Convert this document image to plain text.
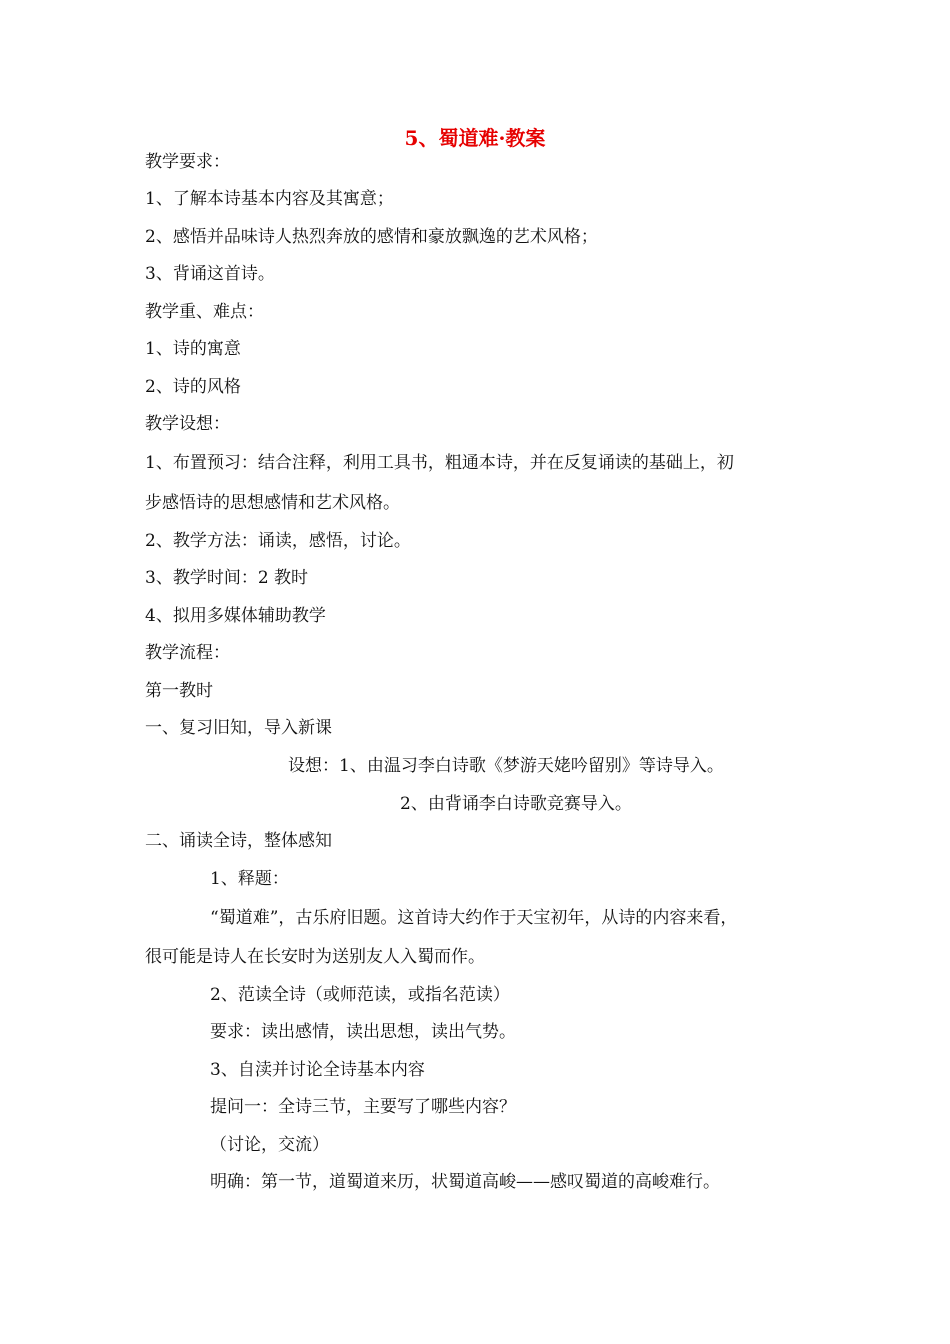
5、蜀道难·教案
教学要求：
1、了解本诗基本内容及其寓意；
2、感悟并品味诗人热烈奔放的感情和豪放飘逸的艺术风格；
3、背诵这首诗。
教学重、难点：
1、诗的寓意
2、诗的风格
教学设想：
1、布置预习：结合注释，利用工具书，粗通本诗，并在反复诵读的基础上，初
步感悟诗的思想感情和艺术风格。
2、教学方法：诵读，感悟，讨论。
3、教学时间：2 教时
4、拟用多媒体辅助教学
教学流程：
第一教时
一、复习旧知，导入新课
设想：1、由温习李白诗歌《梦游天姥吟留别》等诗导入。
2、由背诵李白诗歌竞赛导入。
二、诵读全诗，整体感知
1、释题：
“蜀道难”，古乐府旧题。这首诗大约作于天宝初年，从诗的内容来看，
很可能是诗人在长安时为送别友人入蜀而作。
2、范读全诗（或师范读，或指名范读）
要求：读出感情，读出思想，读出气势。
3、自渎并讨论全诗基本内容
提问一：全诗三节，主要写了哪些内容？
（讨论，交流）
明确：第一节，道蜀道来历，状蜀道高峻——感叹蜀道的高峻难行。
